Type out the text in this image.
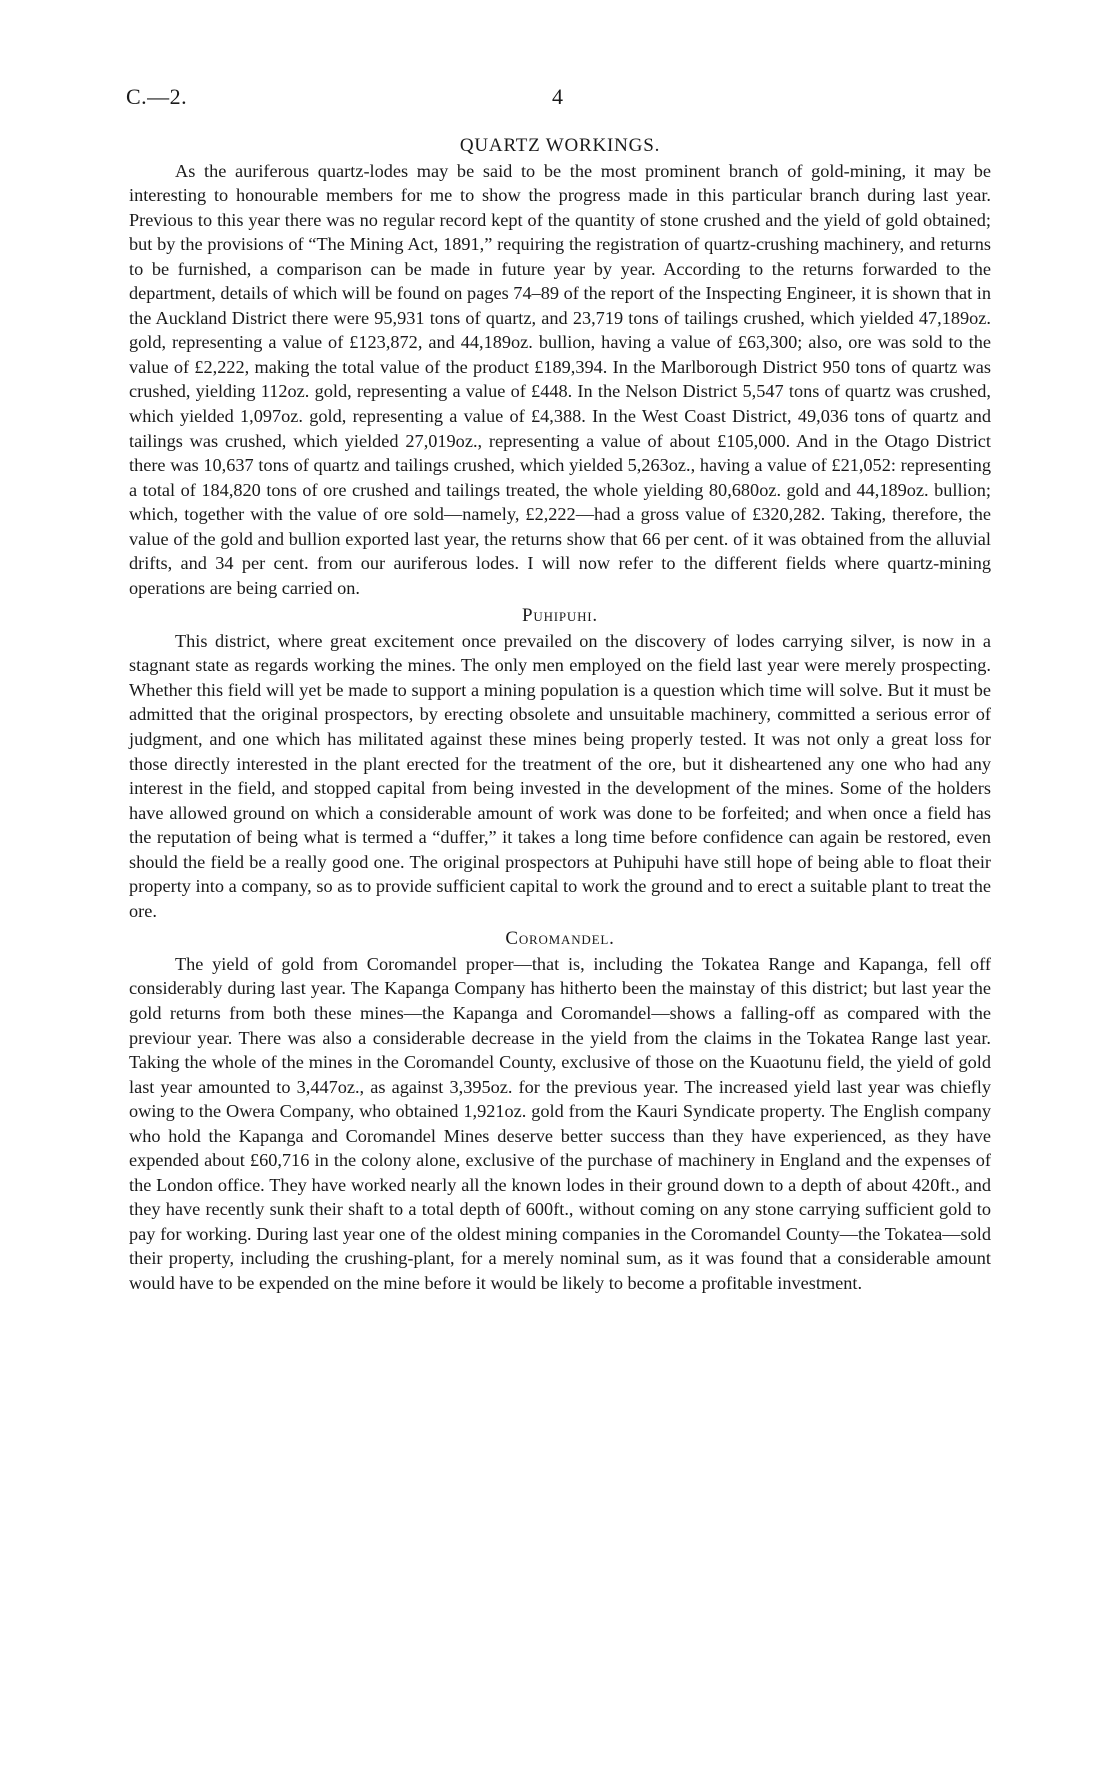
C.—2.	4
QUARTZ WORKINGS.

As the auriferous quartz-lodes may be said to be the most prominent branch of gold-mining, it may be interesting to honourable members for me to show the progress made in this particular branch during last year. Previous to this year there was no regular record kept of the quantity of stone crushed and the yield of gold obtained; but by the provisions of “The Mining Act, 1891,” requiring the registration of quartz-crushing machinery, and returns to be furnished, a comparison can be made in future year by year. According to the returns forwarded to the department, details of which will be found on pages 74–89 of the report of the Inspecting Engineer, it is shown that in the Auckland District there were 95,931 tons of quartz, and 23,719 tons of tailings crushed, which yielded 47,189oz. gold, representing a value of £123,872, and 44,189oz. bullion, having a value of £63,300; also, ore was sold to the value of £2,222, making the total value of the product £189,394. In the Marlborough District 950 tons of quartz was crushed, yielding 112oz. gold, representing a value of £448. In the Nelson District 5,547 tons of quartz was crushed, which yielded 1,097oz. gold, representing a value of £4,388. In the West Coast District, 49,036 tons of quartz and tailings was crushed, which yielded 27,019oz., representing a value of about £105,000. And in the Otago District there was 10,637 tons of quartz and tailings crushed, which yielded 5,263oz., having a value of £21,052: representing a total of 184,820 tons of ore crushed and tailings treated, the whole yielding 80,680oz. gold and 44,189oz. bullion; which, together with the value of ore sold—namely, £2,222—had a gross value of £320,282. Taking, therefore, the value of the gold and bullion exported last year, the returns show that 66 per cent. of it was obtained from the alluvial drifts, and 34 per cent. from our auriferous lodes. I will now refer to the different fields where quartz-mining operations are being carried on.

Puhipuhi.

This district, where great excitement once prevailed on the discovery of lodes carrying silver, is now in a stagnant state as regards working the mines. The only men employed on the field last year were merely prospecting. Whether this field will yet be made to support a mining population is a question which time will solve. But it must be admitted that the original prospectors, by erecting obsolete and unsuitable machinery, committed a serious error of judgment, and one which has militated against these mines being properly tested. It was not only a great loss for those directly interested in the plant erected for the treatment of the ore, but it disheartened any one who had any interest in the field, and stopped capital from being invested in the development of the mines. Some of the holders have allowed ground on which a considerable amount of work was done to be forfeited; and when once a field has the reputation of being what is termed a “duffer,” it takes a long time before confidence can again be restored, even should the field be a really good one. The original prospectors at Puhipuhi have still hope of being able to float their property into a company, so as to provide sufficient capital to work the ground and to erect a suitable plant to treat the ore.

Coromandel.

The yield of gold from Coromandel proper—that is, including the Tokatea Range and Kapanga, fell off considerably during last year. The Kapanga Company has hitherto been the mainstay of this district; but last year the gold returns from both these mines—the Kapanga and Coromandel—shows a falling-off as compared with the previour year. There was also a considerable decrease in the yield from the claims in the Tokatea Range last year. Taking the whole of the mines in the Coromandel County, exclusive of those on the Kuaotunu field, the yield of gold last year amounted to 3,447oz., as against 3,395oz. for the previous year. The increased yield last year was chiefly owing to the Owera Company, who obtained 1,921oz. gold from the Kauri Syndicate property. The English company who hold the Kapanga and Coromandel Mines deserve better success than they have experienced, as they have expended about £60,716 in the colony alone, exclusive of the purchase of machinery in England and the expenses of the London office. They have worked nearly all the known lodes in their ground down to a depth of about 420ft., and they have recently sunk their shaft to a total depth of 600ft., without coming on any stone carrying sufficient gold to pay for working. During last year one of the oldest mining companies in the Coromandel County—the Tokatea—sold their property, including the crushing-plant, for a merely nominal sum, as it was found that a considerable amount would have to be expended on the mine before it would be likely to become a profitable investment.
